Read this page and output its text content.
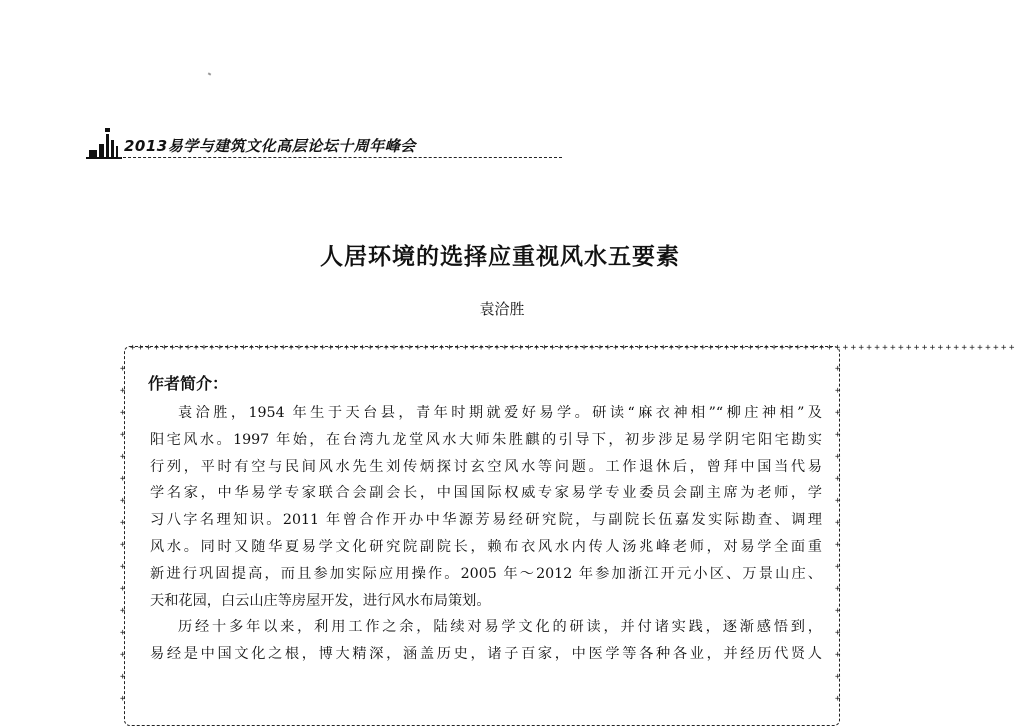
2013易学与建筑文化高层论坛十周年峰会
人居环境的选择应重视风水五要素
袁洽胜
++++++++++++++++++++++++++++++++++++++++++++++++++++++++++++++++++++++++++++++++++++++++++++++++++++++++++++++++
++++++++++++++++
++++++++++++++++
作者简介：
袁洽胜，1954 年生于天台县，青年时期就爱好易学。研读“麻衣神相”“柳庄神相”及
阳宅风水。1997 年始，在台湾九龙堂风水大师朱胜麒的引导下，初步涉足易学阴宅阳宅勘实
行列，平时有空与民间风水先生刘传炳探讨玄空风水等问题。工作退休后，曾拜中国当代易
学名家，中华易学专家联合会副会长，中国国际权威专家易学专业委员会副主席为老师，学
习八字名理知识。2011 年曾合作开办中华源芳易经研究院，与副院长伍嘉发实际勘查、调理
风水。同时又随华夏易学文化研究院副院长，赖布衣风水内传人汤兆峰老师，对易学全面重
新进行巩固提高，而且参加实际应用操作。2005 年～2012 年参加浙江开元小区、万景山庄、
天和花园，白云山庄等房屋开发，进行风水布局策划。
历经十多年以来，利用工作之余，陆续对易学文化的研读，并付诸实践，逐渐感悟到，
易经是中国文化之根，博大精深，涵盖历史，诸子百家，中医学等各种各业，并经历代贤人
